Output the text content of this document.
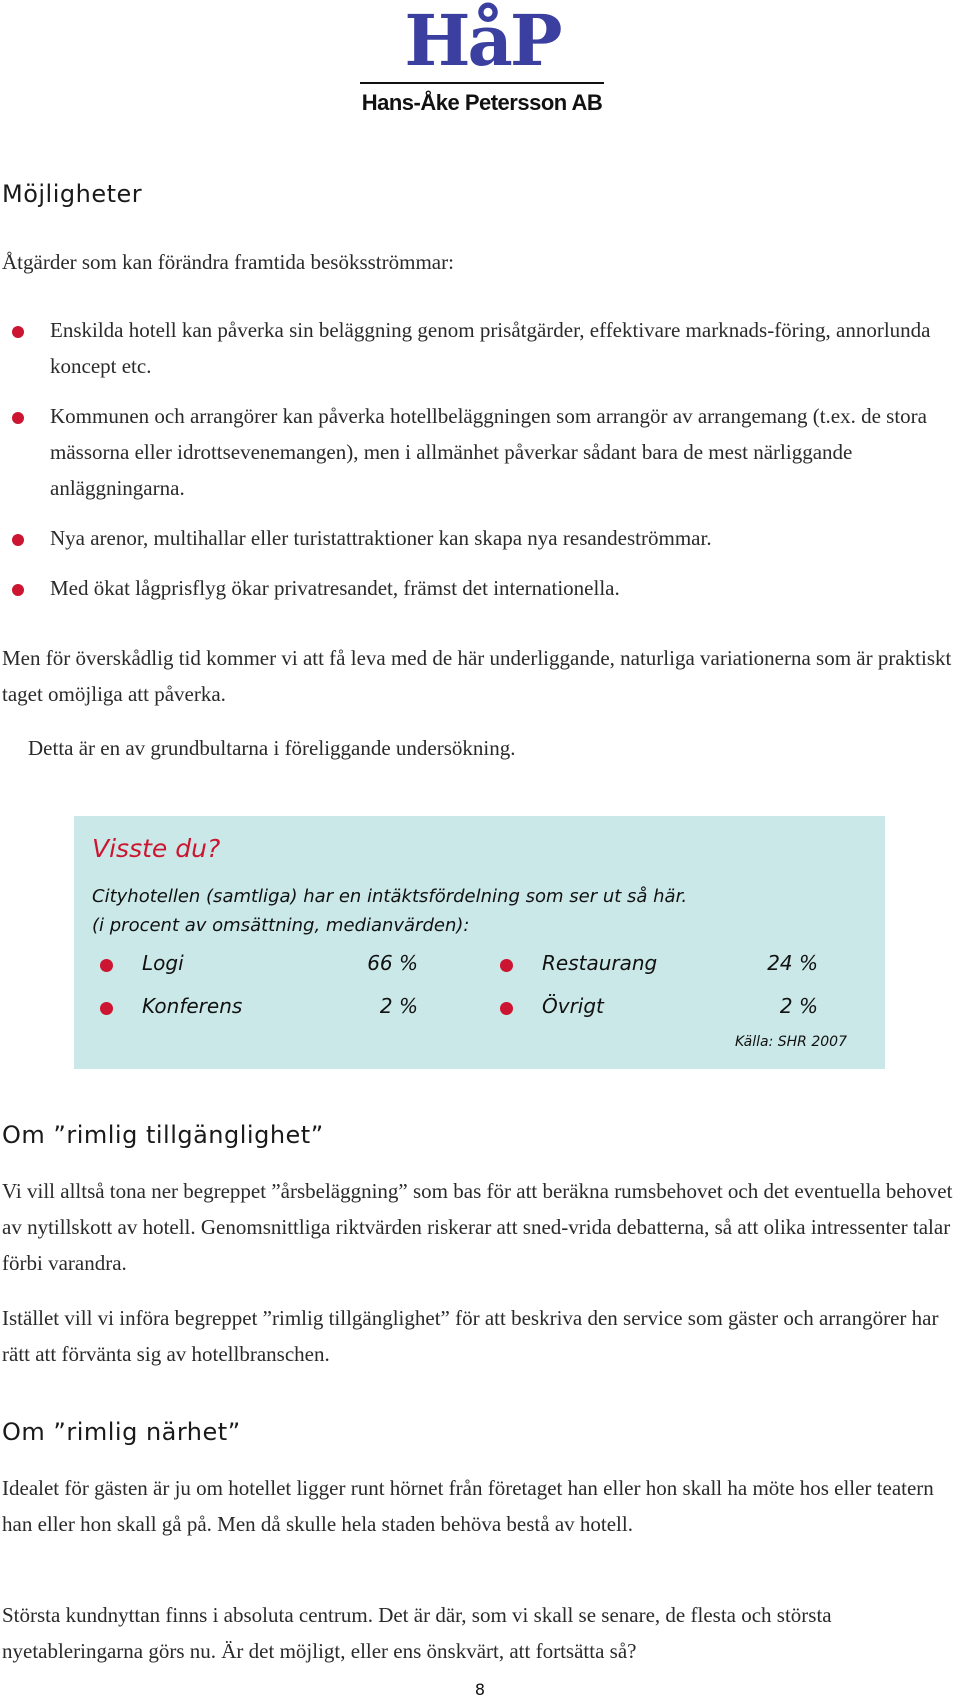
HåP
Hans-Åke Petersson AB
Möjligheter

Åtgärder som kan förändra framtida besöksströmmar:

Enskilda hotell kan påverka sin beläggning genom prisåtgärder, effektivare marknads-föring, annorlunda koncept etc.
Kommunen och arrangörer kan påverka hotellbeläggningen som arrangör av arrangemang (t.ex. de stora mässorna eller idrottsevenemangen), men i allmänhet påverkar sådant bara de mest närliggande anläggningarna.
Nya arenor, multihallar eller turistattraktioner kan skapa nya resandeströmmar.
Med ökat lågprisflyg ökar privatresandet, främst det internationella.

Men för överskådlig tid kommer vi att få leva med de här underliggande, naturliga variationerna som är praktiskt taget omöjliga att påverka.

Detta är en av grundbultarna i föreliggande undersökning.

Visste du?
Cityhotellen (samtliga) har en intäktsfördelning som ser ut så här.
(i procent av omsättning, medianvärden):
Logi	66 %	Restaurang	24 %
Konferens	2 %	Övrigt	2 %
Källa: SHR 2007
Om ”rimlig tillgänglighet”

Vi vill alltså tona ner begreppet ”årsbeläggning” som bas för att beräkna rumsbehovet och det eventuella behovet av nytillskott av hotell. Genomsnittliga riktvärden riskerar att sned-vrida debatterna, så att olika intressenter talar förbi varandra.

Istället vill vi införa begreppet ”rimlig tillgänglighet” för att beskriva den service som gäster och arrangörer har rätt att förvänta sig av hotellbranschen.

Om ”rimlig närhet”

Idealet för gästen är ju om hotellet ligger runt hörnet från företaget han eller hon skall ha möte hos eller teatern han eller hon skall gå på. Men då skulle hela staden behöva bestå av hotell.

Största kundnyttan finns i absoluta centrum. Det är där, som vi skall se senare, de flesta och största nyetableringarna görs nu. Är det möjligt, eller ens önskvärt, att fortsätta så?

8
